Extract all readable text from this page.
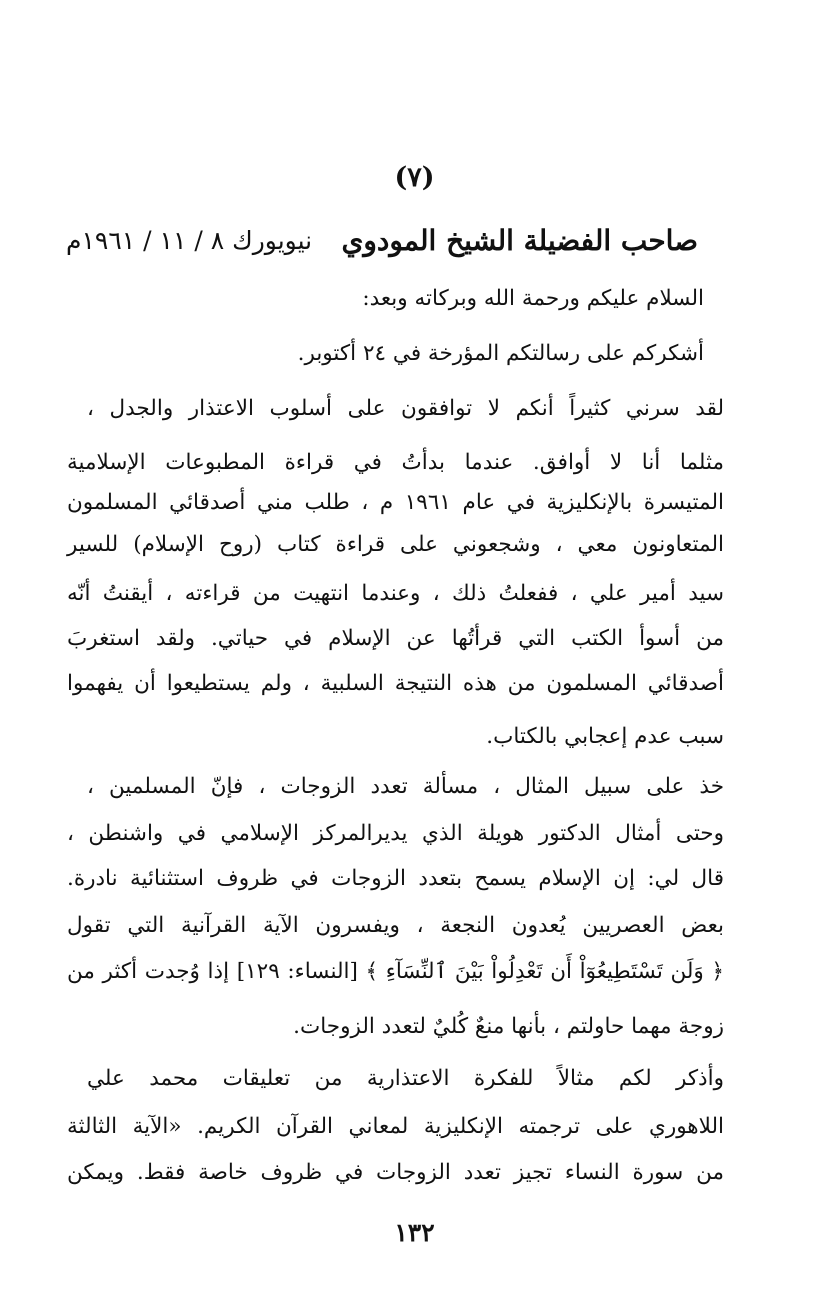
(٧)
صاحب الفضيلة الشيخ المودوي
نيويورك ٨ / ١١ / ١٩٦١م
السلام عليكم ورحمة الله وبركاته وبعد:
أشكركم على رسالتكم المؤرخة في ٢٤ أكتوبر.
لقد سرني كثيراً أنكم لا توافقون على أسلوب الاعتذار والجدل ،
مثلما أنا لا أوافق. عندما بدأتُ في قراءة المطبوعات الإسلامية
المتيسرة بالإنكليزية في عام ١٩٦١ م ، طلب مني أصدقائي المسلمون
المتعاونون معي ، وشجعوني على قراءة كتاب (روح الإسلام) للسير
سيد أمير علي ، ففعلتُ ذلك ، وعندما انتهيت من قراءته ، أيقنتُ أنّه
من أسوأ الكتب التي قرأتُها عن الإسلام في حياتي. ولقد استغربَ
أصدقائي المسلمون من هذه النتيجة السلبية ، ولم يستطيعوا أن يفهموا
سبب عدم إعجابي بالكتاب.
خذ على سبيل المثال ، مسألة تعدد الزوجات ، فإنّ المسلمين ،
وحتى أمثال الدكتور هويلة الذي يديرالمركز الإسلامي في واشنطن ،
قال لي: إن الإسلام يسمح بتعدد الزوجات في ظروف استثنائية نادرة.
بعض العصريين يُعدون النجعة ، ويفسرون الآية القرآنية التي تقول
﴿ وَلَن تَسْتَطِيعُوٓاْ أَن تَعْدِلُواْ بَيْنَ ٱلنِّسَآءِ ﴾ [النساء: ١٢٩] إذا وُجدت أكثر من
زوجة مهما حاولتم ، بأنها منعٌ كُليٌ لتعدد الزوجات.
وأذكر لكم مثالاً للفكرة الاعتذارية من تعليقات محمد علي
اللاهوري على ترجمته الإنكليزية لمعاني القرآن الكريم. «الآية الثالثة
من سورة النساء تجيز تعدد الزوجات في ظروف خاصة فقط. ويمكن
١٣٢
